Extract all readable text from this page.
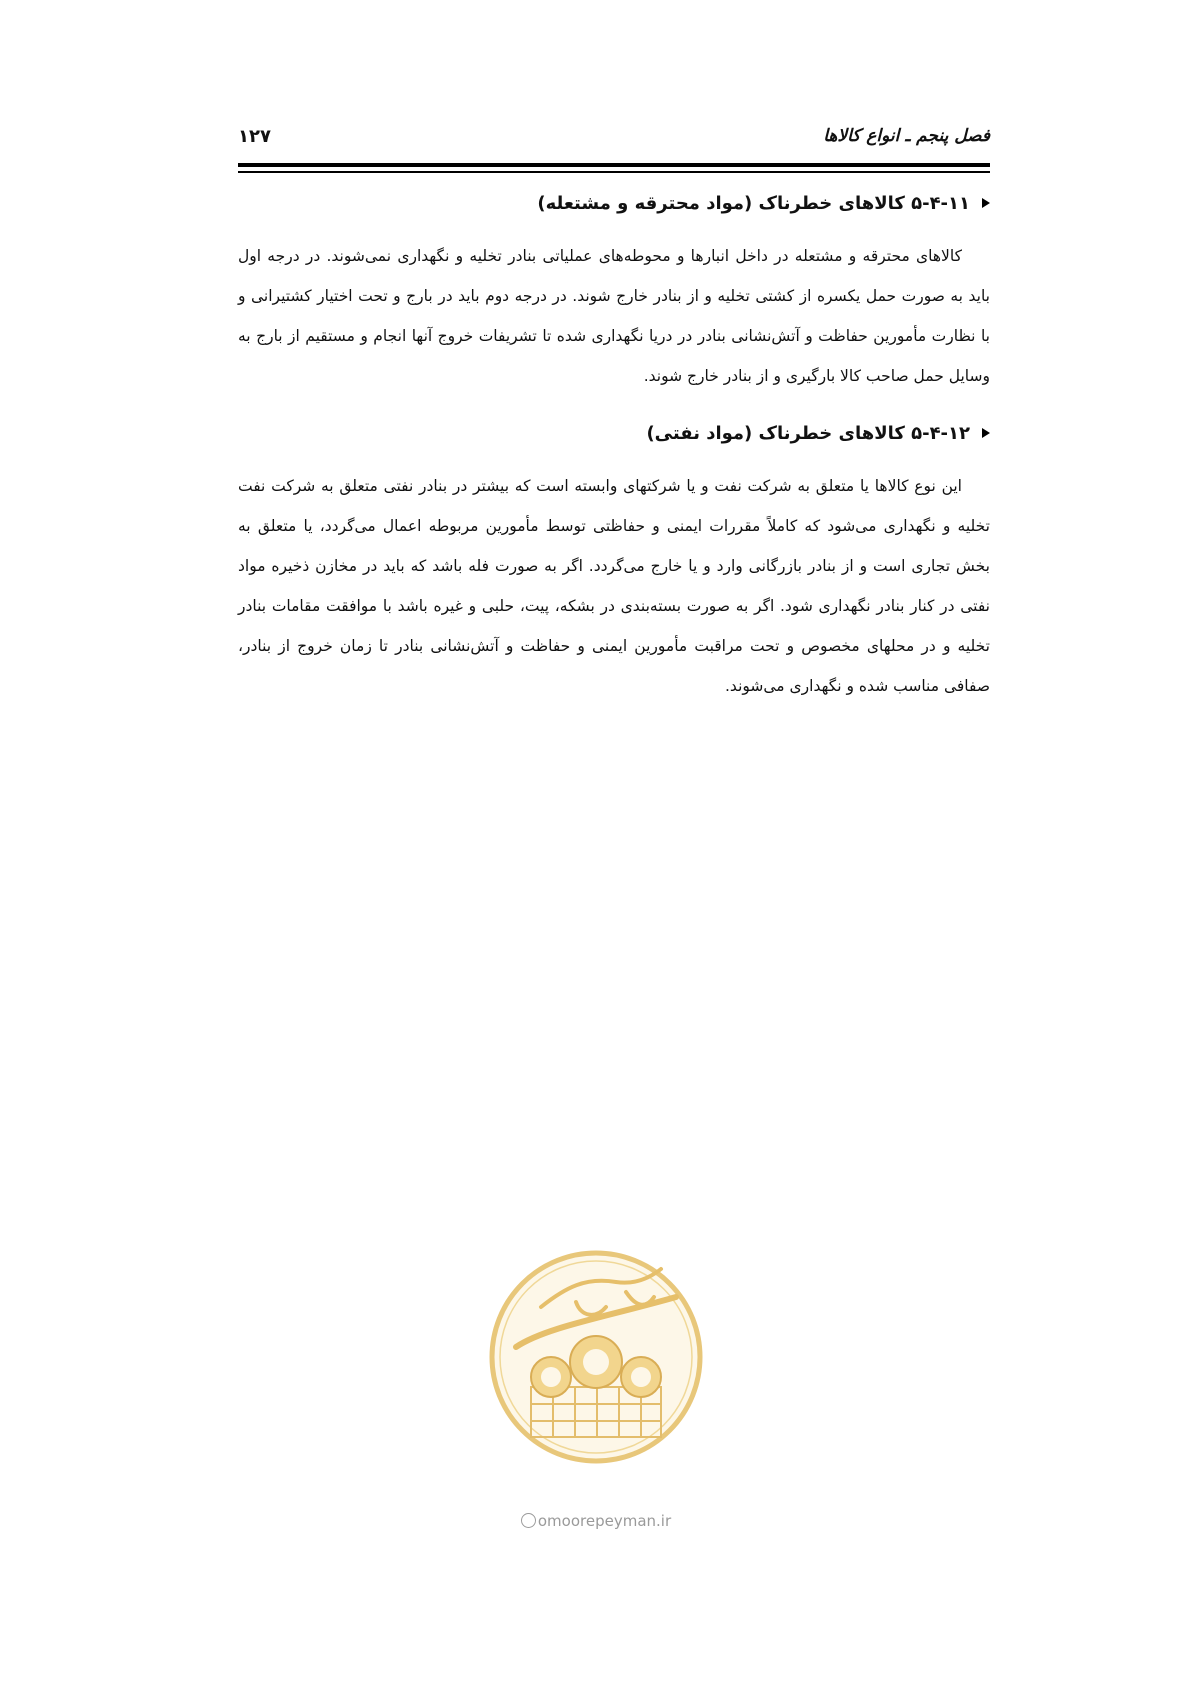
فصل پنجم ـ انواع کالاها
۱۲۷
۵-۴-۱۱ کالاهای خطرناک (مواد محترقه و مشتعله)

کالاهای محترقه و مشتعله در داخل انبارها و محوطه‌های عملیاتی بنادر تخلیه و نگهداری نمی‌شوند. در درجه اول باید به صورت حمل یکسره از کشتی تخلیه و از بنادر خارج شوند. در درجه دوم باید در بارج و تحت اختیار کشتیرانی و با نظارت مأمورین حفاظت و آتش‌نشانی بنادر در دریا نگهداری شده تا تشریفات خروج آنها انجام و مستقیم از بارج به وسایل حمل صاحب کالا بارگیری و از بنادر خارج شوند.

۵-۴-۱۲ کالاهای خطرناک (مواد نفتی)

این نوع کالاها یا متعلق به شرکت نفت و یا شرکتهای وابسته است که بیشتر در بنادر نفتی متعلق به شرکت نفت تخلیه و نگهداری می‌شود که کاملاً مقررات ایمنی و حفاظتی توسط مأمورین مربوطه اعمال می‌گردد، یا متعلق به بخش تجاری است و از بنادر بازرگانی وارد و یا خارج می‌گردد. اگر به صورت فله باشد که باید در مخازن ذخیره مواد نفتی در کنار بنادر نگهداری شود. اگر به صورت بسته‌بندی در بشکه، پیت، حلبی و غیره باشد با موافقت مقامات بنادر تخلیه و در محلهای مخصوص و تحت مراقبت مأمورین ایمنی و حفاظت و آتش‌نشانی بنادر تا زمان خروج از بنادر، صفافی مناسب شده و نگهداری می‌شوند.

omoorepeyman.ir
